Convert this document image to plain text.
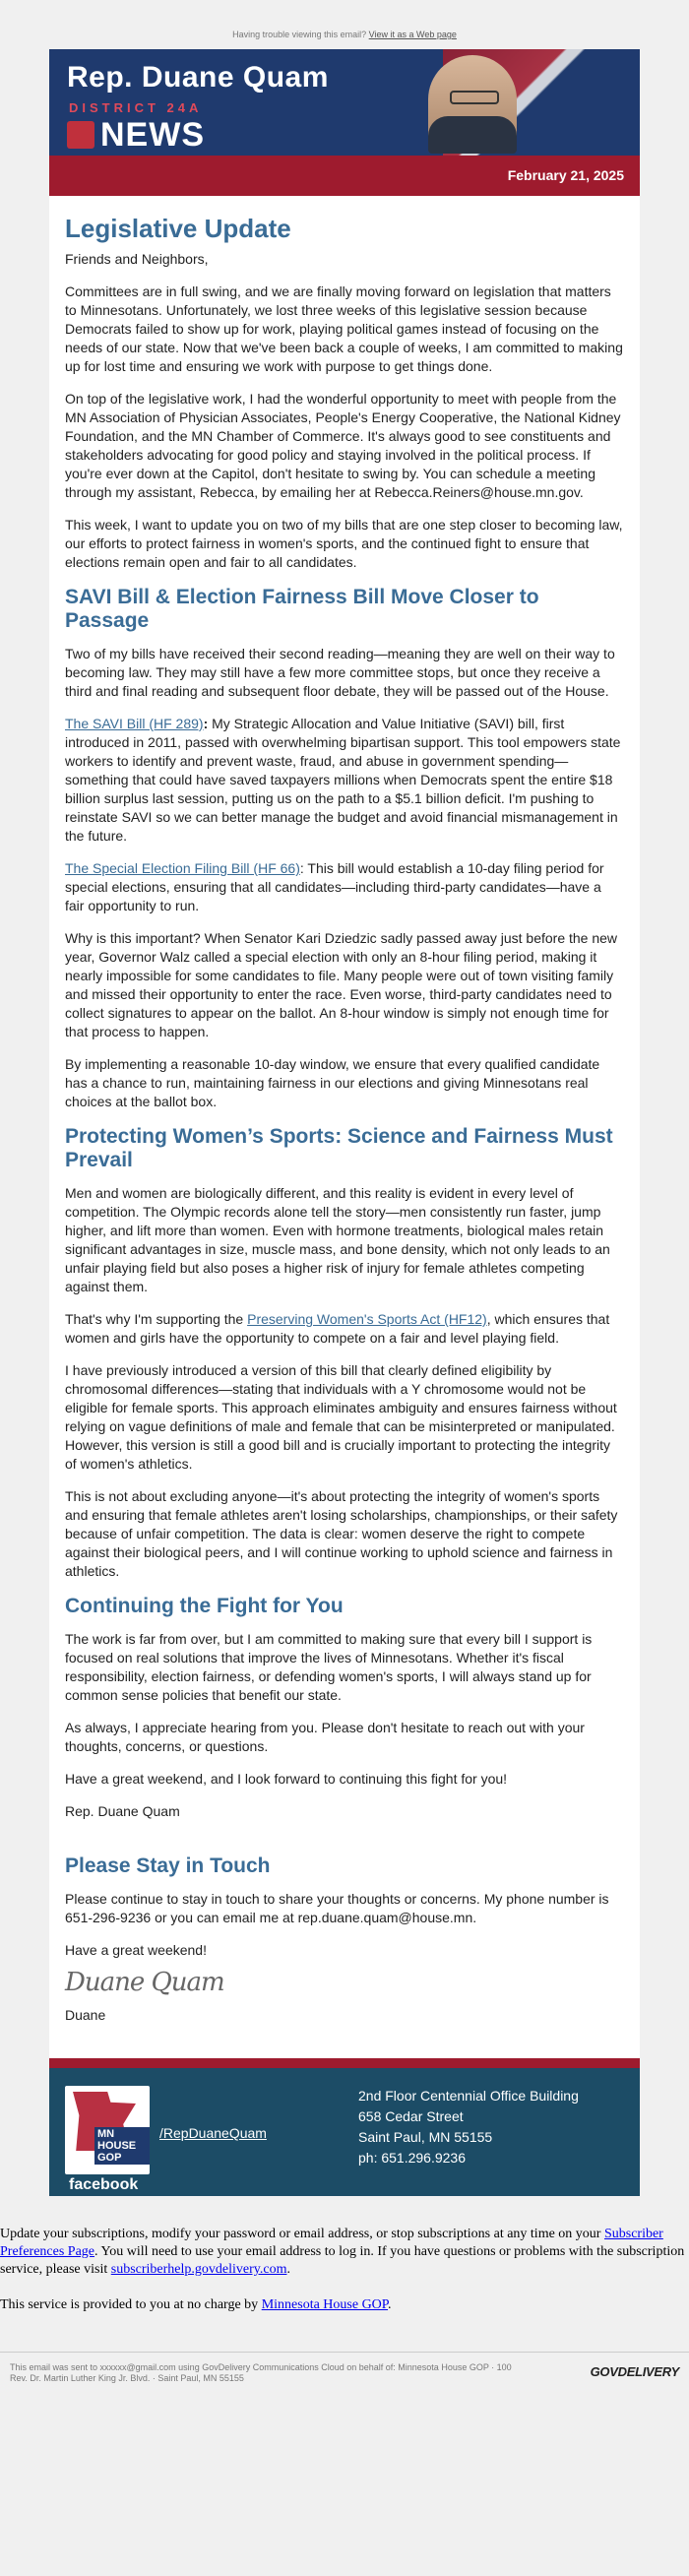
Having trouble viewing this email? View it as a Web page
Rep. Duane Quam
DISTRICT 24A
NEWS
February 21, 2025
Legislative Update

Friends and Neighbors,

Committees are in full swing, and we are finally moving forward on legislation that matters to Minnesotans. Unfortunately, we lost three weeks of this legislative session because Democrats failed to show up for work, playing political games instead of focusing on the needs of our state. Now that we've been back a couple of weeks, I am committed to making up for lost time and ensuring we work with purpose to get things done.

On top of the legislative work, I had the wonderful opportunity to meet with people from the MN Association of Physician Associates, People's Energy Cooperative, the National Kidney Foundation, and the MN Chamber of Commerce. It's always good to see constituents and stakeholders advocating for good policy and staying involved in the political process. If you're ever down at the Capitol, don't hesitate to swing by. You can schedule a meeting through my assistant, Rebecca, by emailing her at Rebecca.Reiners@house.mn.gov.

This week, I want to update you on two of my bills that are one step closer to becoming law, our efforts to protect fairness in women's sports, and the continued fight to ensure that elections remain open and fair to all candidates.

SAVI Bill & Election Fairness Bill Move Closer to Passage

Two of my bills have received their second reading—meaning they are well on their way to becoming law. They may still have a few more committee stops, but once they receive a third and final reading and subsequent floor debate, they will be passed out of the House.

The SAVI Bill (HF 289): My Strategic Allocation and Value Initiative (SAVI) bill, first introduced in 2011, passed with overwhelming bipartisan support. This tool empowers state workers to identify and prevent waste, fraud, and abuse in government spending—something that could have saved taxpayers millions when Democrats spent the entire $18 billion surplus last session, putting us on the path to a $5.1 billion deficit. I'm pushing to reinstate SAVI so we can better manage the budget and avoid financial mismanagement in the future.

The Special Election Filing Bill (HF 66): This bill would establish a 10-day filing period for special elections, ensuring that all candidates—including third-party candidates—have a fair opportunity to run.

Why is this important? When Senator Kari Dziedzic sadly passed away just before the new year, Governor Walz called a special election with only an 8-hour filing period, making it nearly impossible for some candidates to file. Many people were out of town visiting family and missed their opportunity to enter the race. Even worse, third-party candidates need to collect signatures to appear on the ballot. An 8-hour window is simply not enough time for that process to happen.

By implementing a reasonable 10-day window, we ensure that every qualified candidate has a chance to run, maintaining fairness in our elections and giving Minnesotans real choices at the ballot box.

Protecting Women’s Sports: Science and Fairness Must Prevail

Men and women are biologically different, and this reality is evident in every level of competition. The Olympic records alone tell the story—men consistently run faster, jump higher, and lift more than women. Even with hormone treatments, biological males retain significant advantages in size, muscle mass, and bone density, which not only leads to an unfair playing field but also poses a higher risk of injury for female athletes competing against them.

That's why I'm supporting the Preserving Women's Sports Act (HF12), which ensures that women and girls have the opportunity to compete on a fair and level playing field.

I have previously introduced a version of this bill that clearly defined eligibility by chromosomal differences—stating that individuals with a Y chromosome would not be eligible for female sports. This approach eliminates ambiguity and ensures fairness without relying on vague definitions of male and female that can be misinterpreted or manipulated. However, this version is still a good bill and is crucially important to protecting the integrity of women's athletics.

This is not about excluding anyone—it's about protecting the integrity of women's sports and ensuring that female athletes aren't losing scholarships, championships, or their safety because of unfair competition. The data is clear: women deserve the right to compete against their biological peers, and I will continue working to uphold science and fairness in athletics.

Continuing the Fight for You

The work is far from over, but I am committed to making sure that every bill I support is focused on real solutions that improve the lives of Minnesotans. Whether it's fiscal responsibility, election fairness, or defending women's sports, I will always stand up for common sense policies that benefit our state.

As always, I appreciate hearing from you. Please don't hesitate to reach out with your thoughts, concerns, or questions.

Have a great weekend, and I look forward to continuing this fight for you!

Rep. Duane Quam

Please Stay in Touch

Please continue to stay in touch to share your thoughts or concerns. My phone number is 651-296-9236 or you can email me at rep.duane.quam@house.mn.

Have a great weekend!

Duane Quam

Duane

MN HOUSE GOP
facebook
/RepDuaneQuam
2nd Floor Centennial Office Building
658 Cedar Street
Saint Paul, MN 55155
ph: 651.296.9236

Update your subscriptions, modify your password or email address, or stop subscriptions at any time on your Subscriber Preferences Page. You will need to use your email address to log in. If you have questions or problems with the subscription service, please visit subscriberhelp.govdelivery.com.

This service is provided to you at no charge by Minnesota House GOP.

This email was sent to xxxxxx@gmail.com using GovDelivery Communications Cloud on behalf of: Minnesota House GOP · 100
Rev. Dr. Martin Luther King Jr. Blvd. · Saint Paul, MN 55155	GOVDELIVERY
